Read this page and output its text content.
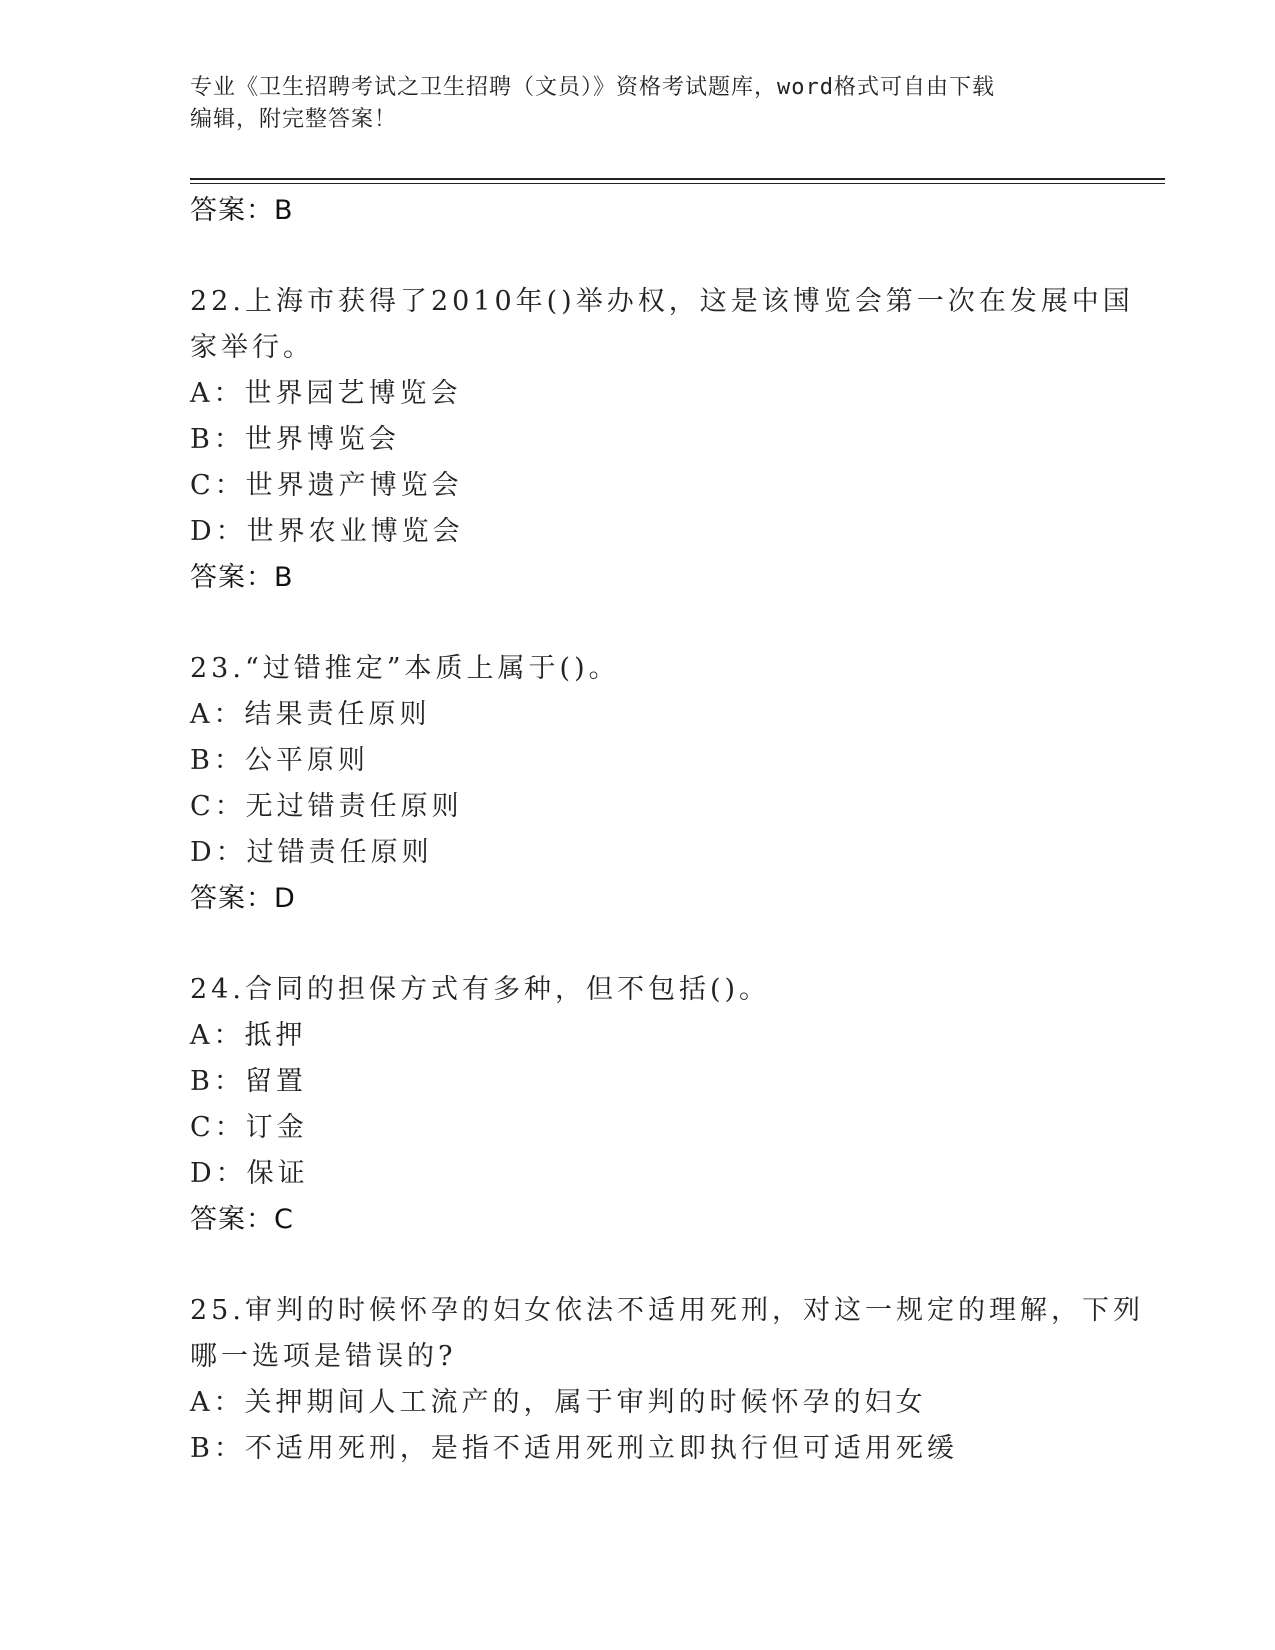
专业《卫生招聘考试之卫生招聘（文员）》资格考试题库，word格式可自由下载
编辑，附完整答案！
答案：B
22.上海市获得了2010年()举办权，这是该博览会第一次在发展中国
家举行。
A：世界园艺博览会
B：世界博览会
C：世界遗产博览会
D：世界农业博览会
答案：B
23.“过错推定”本质上属于()。
A：结果责任原则
B：公平原则
C：无过错责任原则
D：过错责任原则
答案：D
24.合同的担保方式有多种，但不包括()。
A：抵押
B：留置
C：订金
D：保证
答案：C
25.审判的时候怀孕的妇女依法不适用死刑，对这一规定的理解，下列
哪一选项是错误的?
A：关押期间人工流产的，属于审判的时候怀孕的妇女
B：不适用死刑，是指不适用死刑立即执行但可适用死缓
